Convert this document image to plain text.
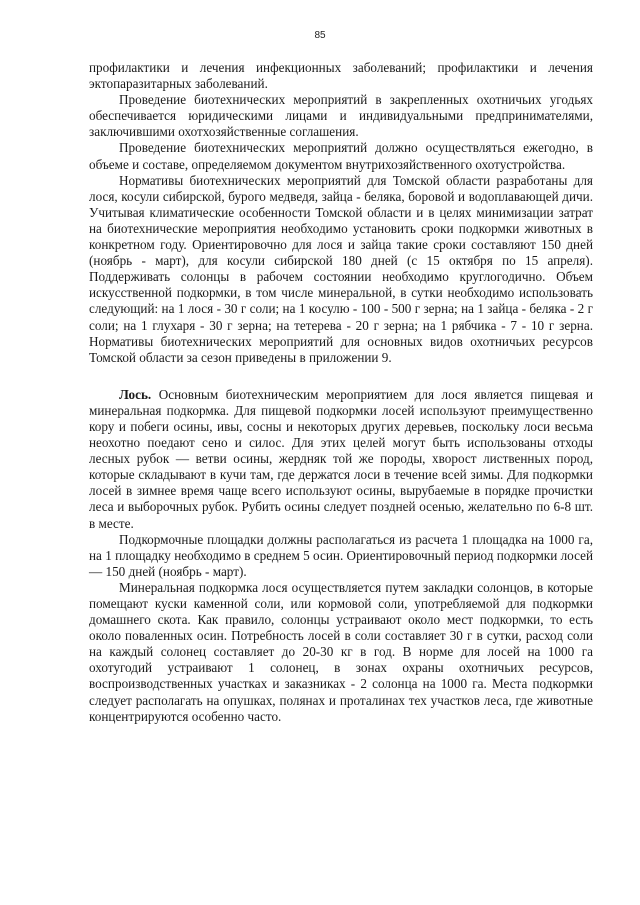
85

профилактики и лечения инфекционных заболеваний; профилактики и лечения эктопаразитарных заболеваний.

Проведение биотехнических мероприятий в закрепленных охотничьих угодьях обеспечивается юридическими лицами и индивидуальными предпринимателями, заключившими охотхозяйственные соглашения.

Проведение биотехнических мероприятий должно осуществляться ежегодно, в объеме и составе, определяемом документом внутрихозяйственного охотустройства.

Нормативы биотехнических мероприятий для Томской области разработаны для лося, косули сибирской, бурого медведя, зайца - беляка, боровой и водоплавающей дичи. Учитывая климатические особенности Томской области и в целях минимизации затрат на биотехнические мероприятия необходимо установить сроки подкормки животных в конкретном году. Ориентировочно для лося и зайца такие сроки составляют 150 дней (ноябрь - март), для косули сибирской 180 дней (с 15 октября по 15 апреля). Поддерживать солонцы в рабочем состоянии необходимо круглогодично. Объем искусственной подкормки, в том числе минеральной, в сутки необходимо использовать следующий: на 1 лося - 30 г соли; на 1 косулю - 100 - 500 г зерна; на 1 зайца - беляка - 2 г соли; на 1 глухаря - 30 г зерна; на тетерева - 20 г зерна; на 1 рябчика - 7 - 10 г зерна. Нормативы биотехнических мероприятий для основных видов охотничьих ресурсов Томской области за сезон приведены в приложении 9.

Лось. Основным биотехническим мероприятием для лося является пищевая и минеральная подкормка. Для пищевой подкормки лосей используют преимущественно кору и побеги осины, ивы, сосны и некоторых других деревьев, поскольку лоси весьма неохотно поедают сено и силос. Для этих целей могут быть использованы отходы лесных рубок — ветви осины, жердняк той же породы, хворост лиственных пород, которые складывают в кучи там, где держатся лоси в течение всей зимы. Для подкормки лосей в зимнее время чаще всего используют осины, вырубаемые в порядке прочистки леса и выборочных рубок. Рубить осины следует поздней осенью, желательно по 6-8 шт. в месте.

Подкормочные площадки должны располагаться из расчета 1 площадка на 1000 га, на 1 площадку необходимо в среднем 5 осин. Ориентировочный период подкормки лосей — 150 дней (ноябрь - март).

Минеральная подкормка лося осуществляется путем закладки солонцов, в которые помещают куски каменной соли, или кормовой соли, употребляемой для подкормки домашнего скота. Как правило, солонцы устраивают около мест подкормки, то есть около поваленных осин. Потребность лосей в соли составляет 30 г в сутки, расход соли на каждый солонец составляет до 20-30 кг в год. В норме для лосей на 1000 га охотугодий устраивают 1 солонец, в зонах охраны охотничьих ресурсов, воспроизводственных участках и заказниках - 2 солонца на 1000 га. Места подкормки следует располагать на опушках, полянах и проталинах тех участков леса, где животные концентрируются особенно часто.
